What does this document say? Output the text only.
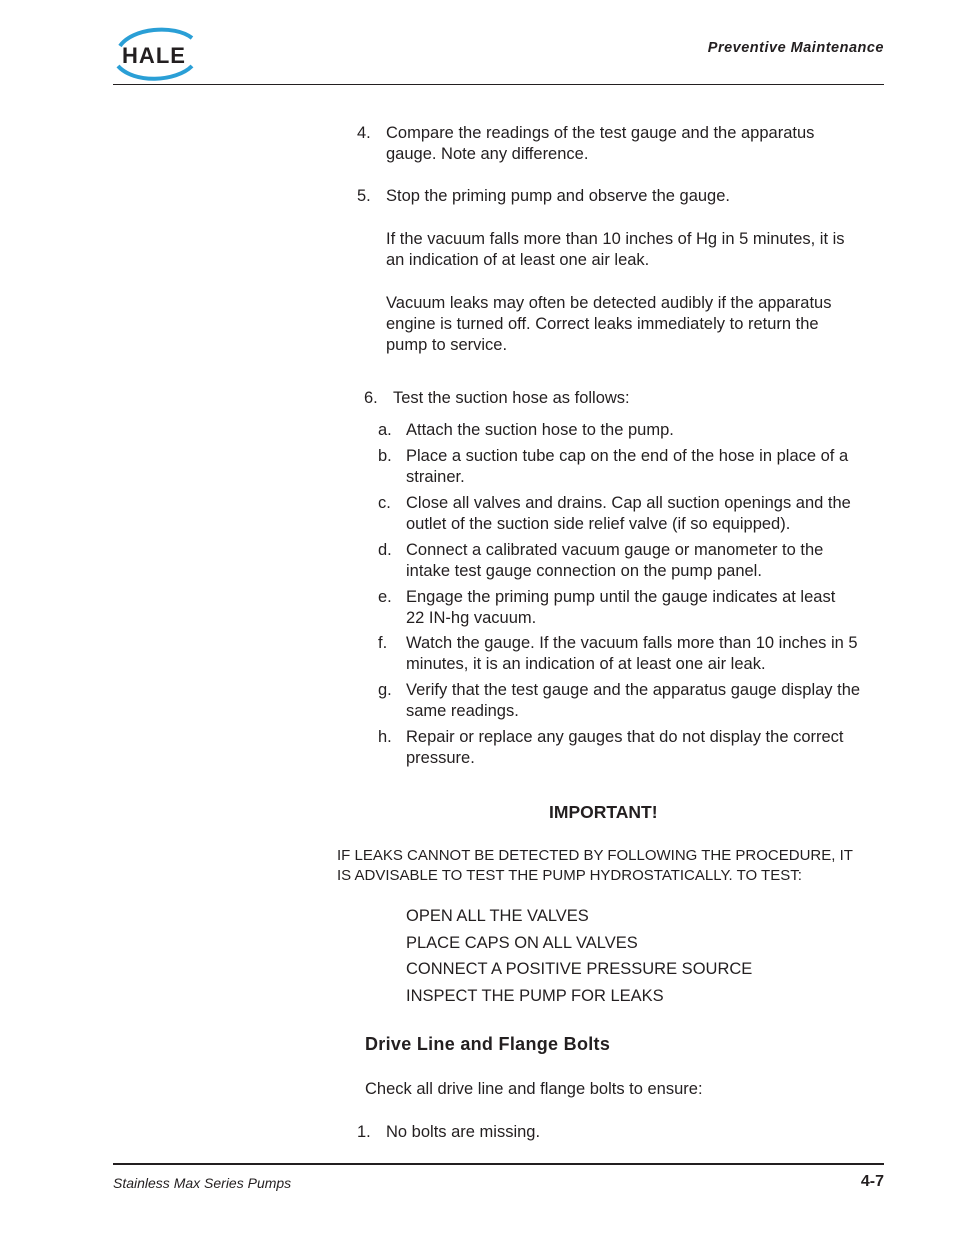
HALE	Preventive Maintenance
4. Compare the readings of the test gauge and the apparatus
gauge. Note any difference.
5. Stop the priming pump and observe the gauge.
If the vacuum falls more than 10 inches of Hg in 5 minutes, it is
an indication of at least one air leak.
Vacuum leaks may often be detected audibly if the apparatus
engine is turned off. Correct leaks immediately to return the
pump to service.
6. Test the suction hose as follows:
a. Attach the suction hose to the pump.
b. Place a suction tube cap on the end of the hose in place of a
strainer.
c. Close all valves and drains. Cap all suction openings and the
outlet of the suction side relief valve (if so equipped).
d. Connect a calibrated vacuum gauge or manometer to the
intake test gauge connection on the pump panel.
e. Engage the priming pump until the gauge indicates at least
22 IN-hg vacuum.
f. Watch the gauge. If the vacuum falls more than 10 inches in 5
minutes, it is an indication of at least one air leak.
g. Verify that the test gauge and the apparatus gauge display the
same readings.
h. Repair or replace any gauges that do not display the correct
pressure.
IMPORTANT!
IF LEAKS CANNOT BE DETECTED BY FOLLOWING THE PROCEDURE, IT
IS ADVISABLE TO TEST THE PUMP HYDROSTATICALLY. TO TEST:
OPEN ALL THE VALVES
PLACE CAPS ON ALL VALVES
CONNECT A POSITIVE PRESSURE SOURCE
INSPECT THE PUMP FOR LEAKS
Drive Line and Flange Bolts
Check all drive line and flange bolts to ensure:
1. No bolts are missing.
Stainless Max Series Pumps	4-7
